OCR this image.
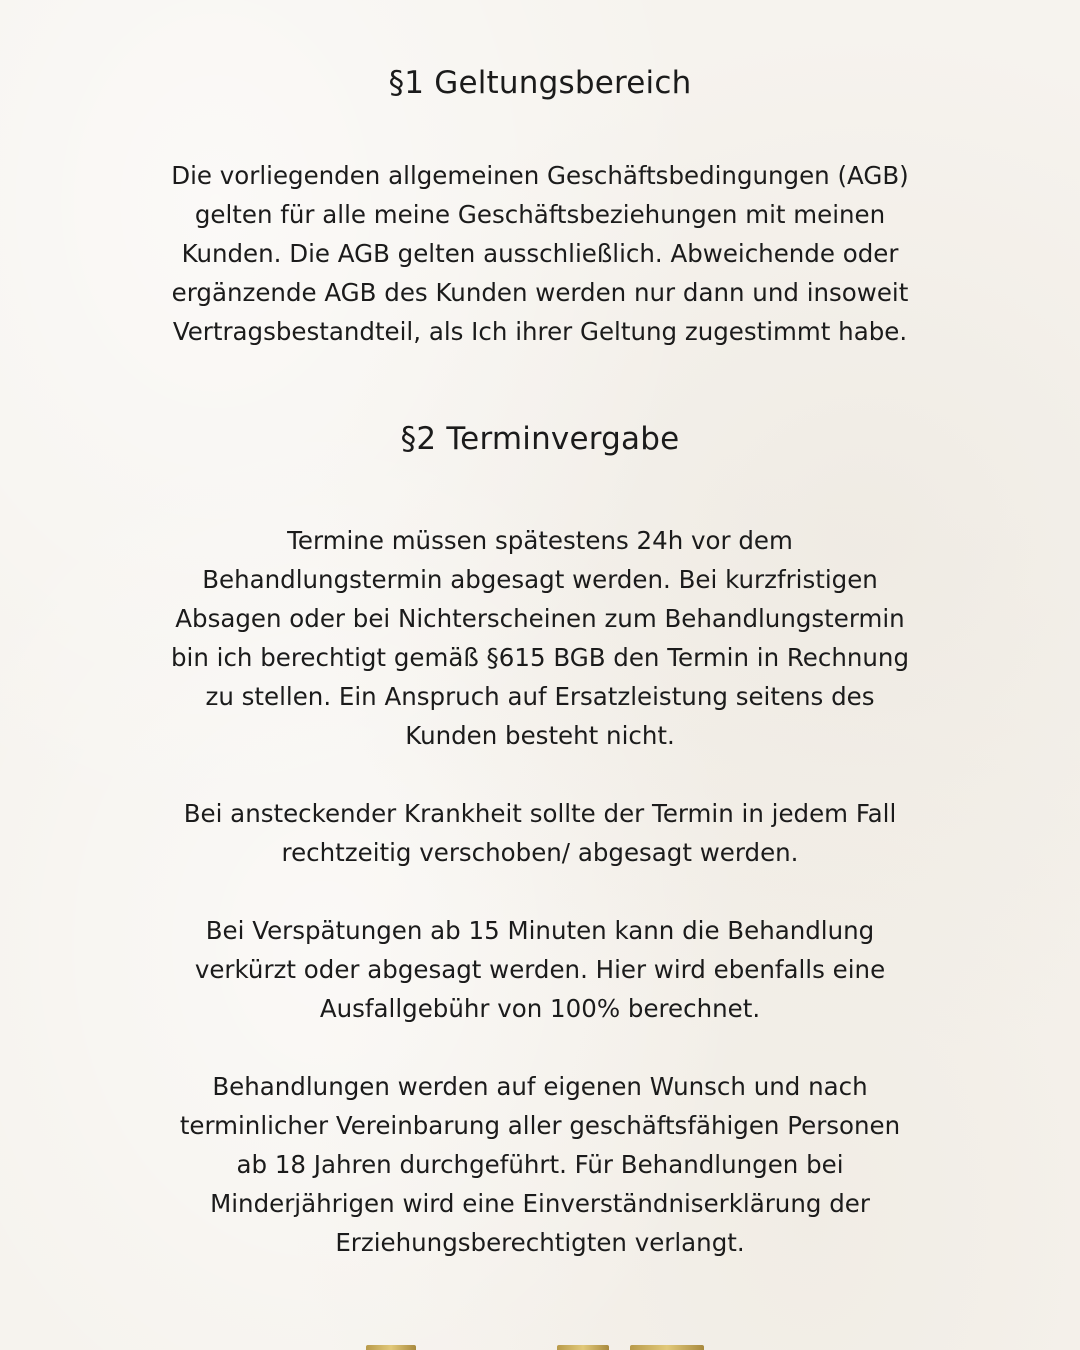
§1 Geltungsbereich

Die vorliegenden allgemeinen Geschäftsbedingungen (AGB)
gelten für alle meine Geschäftsbeziehungen mit meinen
Kunden. Die AGB gelten ausschließlich. Abweichende oder
ergänzende AGB des Kunden werden nur dann und insoweit
Vertragsbestandteil, als Ich ihrer Geltung zugestimmt habe.

§2 Terminvergabe

Termine müssen spätestens 24h vor dem
Behandlungstermin abgesagt werden. Bei kurzfristigen
Absagen oder bei Nichterscheinen zum Behandlungstermin
bin ich berechtigt gemäß §615 BGB den Termin in Rechnung
zu stellen. Ein Anspruch auf Ersatzleistung seitens des
Kunden besteht nicht.

Bei ansteckender Krankheit sollte der Termin in jedem Fall
rechtzeitig verschoben/ abgesagt werden.

Bei Verspätungen ab 15 Minuten kann die Behandlung
verkürzt oder abgesagt werden. Hier wird ebenfalls eine
Ausfallgebühr von 100% berechnet.

Behandlungen werden auf eigenen Wunsch und nach
terminlicher Vereinbarung aller geschäftsfähigen Personen
ab 18 Jahren durchgeführt. Für Behandlungen bei
Minderjährigen wird eine Einverständniserklärung der
Erziehungsberechtigten verlangt.
